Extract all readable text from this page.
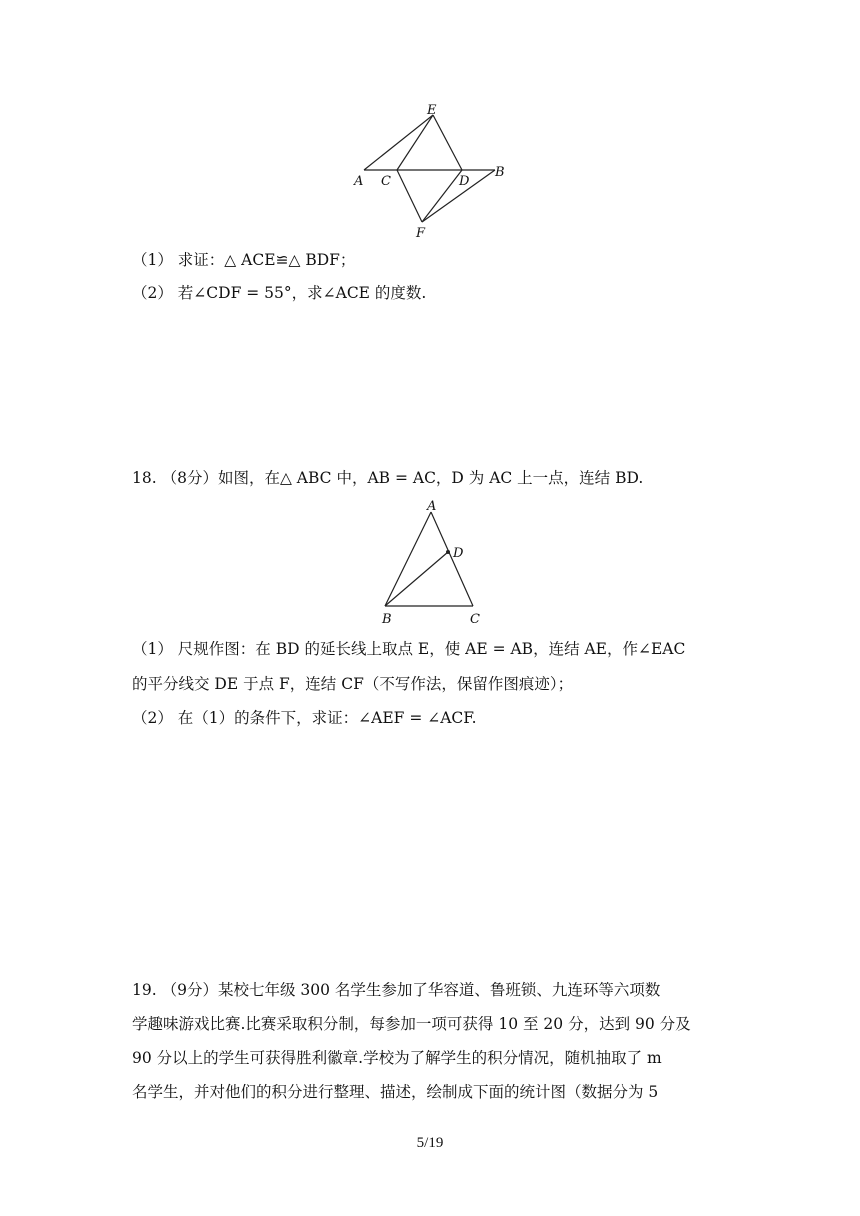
A C	D
B
E
F
（1） 求证：△ ACE≌△ BDF；
（2） 若∠CDF = 55°，求∠ACE 的度数.
18. （8分）如图，在△ ABC 中，AB = AC，D 为 AC 上一点，连结 BD.
A
D
B	C
（1） 尺规作图：在 BD 的延长线上取点 E，使 AE = AB，连结 AE，作∠EAC
的平分线交 DE 于点 F，连结 CF（不写作法，保留作图痕迹）；
（2） 在（1）的条件下，求证：∠AEF = ∠ACF.
19. （9分）某校七年级 300 名学生参加了华容道、鲁班锁、九连环等六项数
学趣味游戏比赛.比赛采取积分制，每参加一项可获得 10 至 20 分，达到 90 分及
90 分以上的学生可获得胜利徽章.学校为了解学生的积分情况，随机抽取了 m
名学生，并对他们的积分进行整理、描述，绘制成下面的统计图（数据分为 5
5/19
